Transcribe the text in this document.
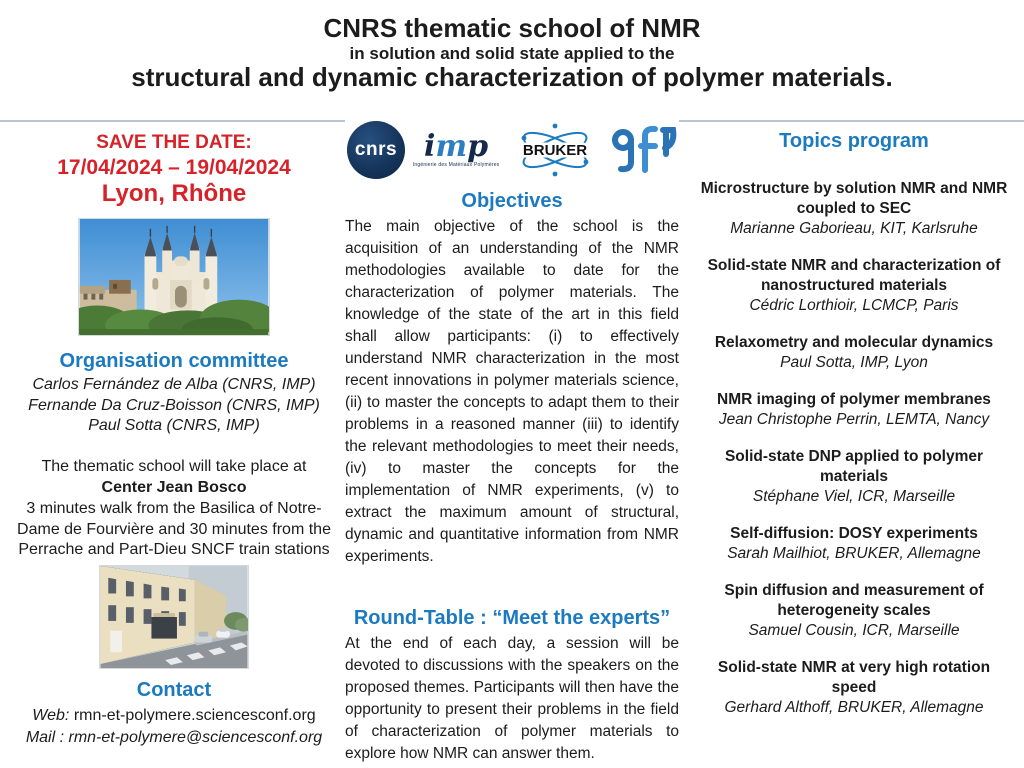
CNRS thematic school of NMR
in solution and solid state applied to the
structural and dynamic characterization of polymer materials.
SAVE THE DATE:
17/04/2024 – 19/04/2024
Lyon, Rhône
Organisation committee
Carlos Fernández de Alba (CNRS, IMP)
Fernande Da Cruz-Boisson (CNRS, IMP)
Paul Sotta (CNRS, IMP)
The thematic school will take place at
Center Jean Bosco
3 minutes walk from the Basilica of Notre-Dame de Fourvière and 30 minutes from the Perrache and Part-Dieu SNCF train stations
Contact
Web: rmn-et-polymere.sciencesconf.org
Mail : rmn-et-polymere@sciencesconf.org
cnrs imp
Ingénierie des Matériaux Polymères
BRUKER
Objectives
The main objective of the school is the acquisition of an understanding of the NMR methodologies available to date for the characterization of polymer materials. The knowledge of the state of the art in this field shall allow participants: (i) to effectively understand NMR characterization in the most recent innovations in polymer materials science, (ii) to master the concepts to adapt them to their problems in a reasoned manner (iii) to identify the relevant methodologies to meet their needs, (iv) to master the concepts for the implementation of NMR experiments, (v) to extract the maximum amount of structural, dynamic and quantitative information from NMR experiments.
Round-Table : “Meet the experts”
At the end of each day, a session will be devoted to discussions with the speakers on the proposed themes. Participants will then have the opportunity to present their problems in the field of characterization of polymer materials to explore how NMR can answer them.
Topics program
Microstructure by solution NMR and NMR coupled to SEC
Marianne Gaborieau, KIT, Karlsruhe
Solid-state NMR and characterization of nanostructured materials
Cédric Lorthioir, LCMCP, Paris
Relaxometry and molecular dynamics
Paul Sotta, IMP, Lyon
NMR imaging of polymer membranes
Jean Christophe Perrin, LEMTA, Nancy
Solid-state DNP applied to polymer materials
Stéphane Viel, ICR, Marseille
Self-diffusion: DOSY experiments
Sarah Mailhiot, BRUKER, Allemagne
Spin diffusion and measurement of heterogeneity scales
Samuel Cousin, ICR, Marseille
Solid-state NMR at very high rotation speed
Gerhard Althoff, BRUKER, Allemagne
